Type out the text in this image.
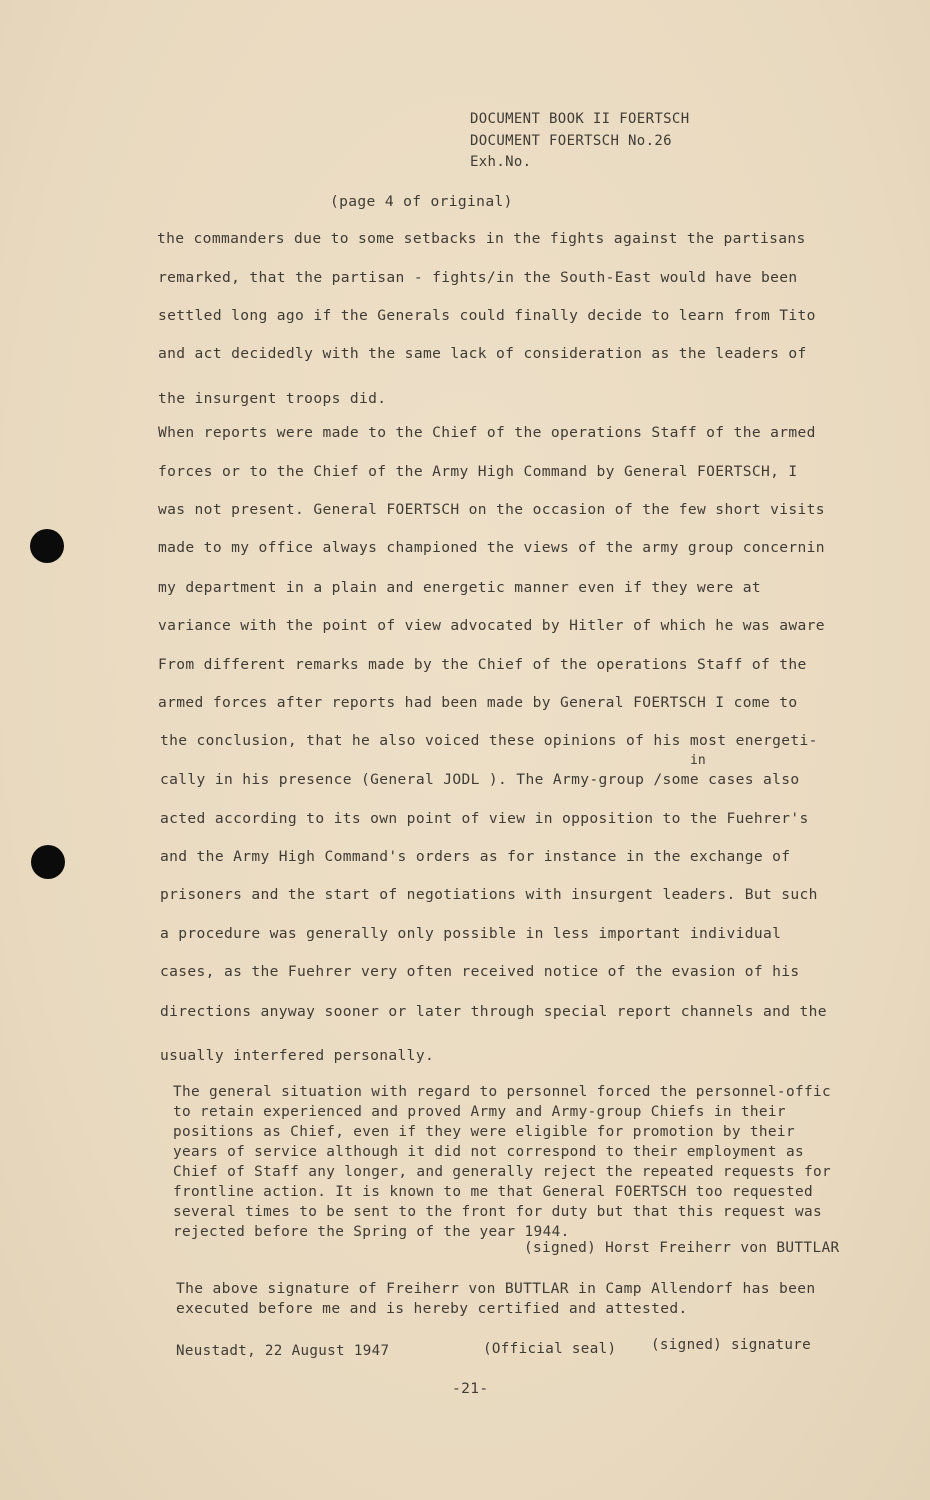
DOCUMENT BOOK II FOERTSCH
DOCUMENT FOERTSCH No.26
Exh.No.
(page 4 of original)
the commanders due to some setbacks in the fights against the partisans
remarked, that the partisan - fights/in the South-East would have been
settled long ago if the Generals could finally decide to learn from Tito
and act decidedly with the same lack of consideration as the leaders of
the insurgent troops did.
When reports were made to the Chief of the operations Staff of the armed
forces or to the Chief of the Army High Command by General FOERTSCH, I
was not present. General FOERTSCH on the occasion of the few short visits
made to my office always championed the views of the army group concernin
my department in a plain and energetic manner even if they were at
variance with the point of view advocated by Hitler of which he was aware
From different remarks made by the Chief of the operations Staff of the
armed forces after reports had been made by General FOERTSCH I come to
the conclusion, that he also voiced these opinions of his most energeti-
in
cally in his presence (General JODL ). The Army-group /some cases also
acted according to its own point of view in opposition to the Fuehrer's
and the Army High Command's orders as for instance in the exchange of
prisoners and the start of negotiations with insurgent leaders. But such
a procedure was generally only possible in less important individual
cases, as the Fuehrer very often received notice of the evasion of his
directions anyway sooner or later through special report channels and the
usually interfered personally.
The general situation with regard to personnel forced the personnel-offic
to retain experienced and proved Army and Army-group Chiefs in their
positions as Chief, even if they were eligible for promotion by their
years of service although it did not correspond to their employment as
Chief of Staff any longer, and generally reject the repeated requests for
frontline action. It is known to me that General FOERTSCH too requested
several times to be sent to the front for duty but that this request was
rejected before the Spring of the year 1944.
(signed) Horst Freiherr von BUTTLAR
The above signature of Freiherr von BUTTLAR in Camp Allendorf has been
executed before me and is hereby certified and attested.
Neustadt, 22 August 1947	(Official seal) (signed) signature
-21-
